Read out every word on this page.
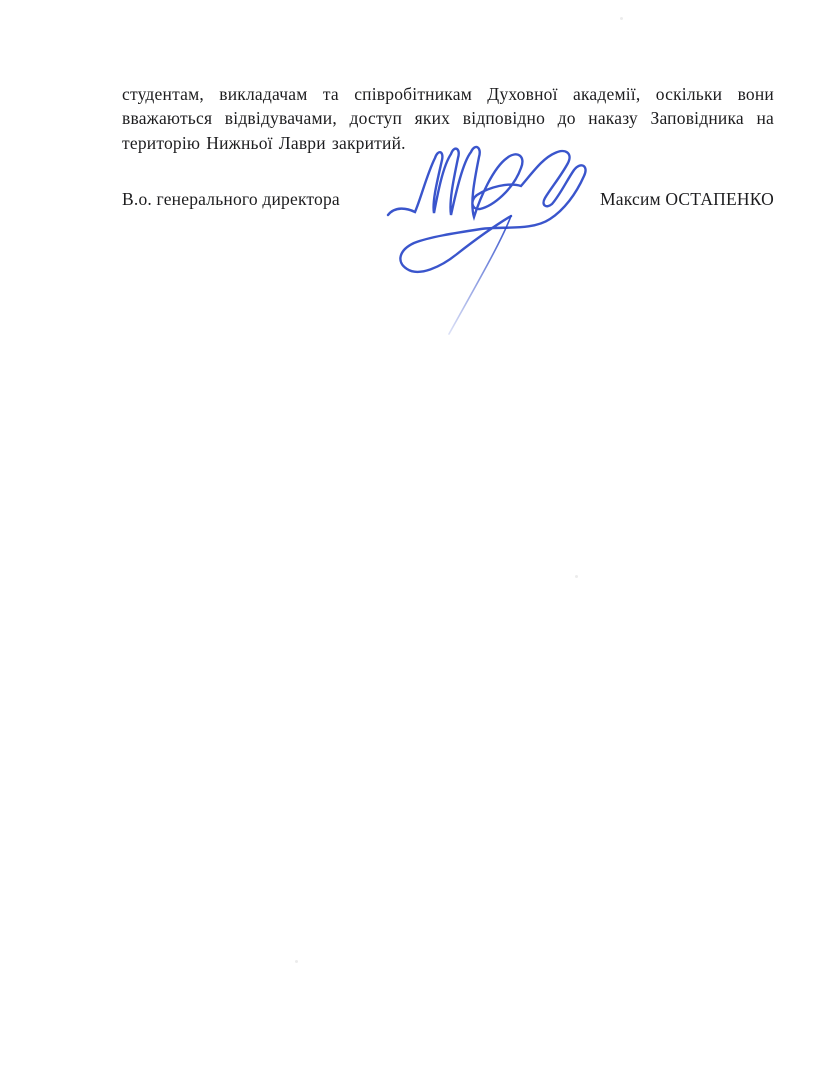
студентам, викладачам та співробітникам Духовної академії, оскільки вони вважаються відвідувачами, доступ яких відповідно до наказу Заповідника на територію Нижньої Лаври закритий.

В.о. генерального директора	Максим ОСТАПЕНКО
